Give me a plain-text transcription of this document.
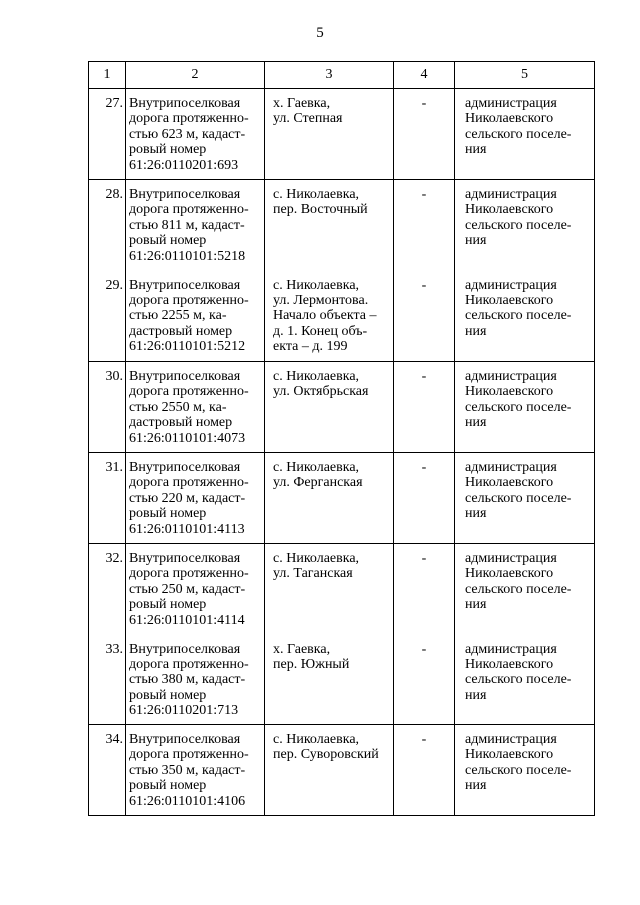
5
1	2	3	4	5
27.	Внутрипоселковая
дорога протяженно-
стью 623 м, кадаст-
ровый номер
61:26:0110201:693	х. Гаевка,
ул. Степная	-	администрация
Николаевского
сельского поселе-
ния
28.	Внутрипоселковая
дорога протяженно-
стью 811 м, кадаст-
ровый номер
61:26:0110101:5218	с. Николаевка,
пер. Восточный	-	администрация
Николаевского
сельского поселе-
ния
29.	Внутрипоселковая
дорога протяженно-
стью 2255 м, ка-
дастровый номер
61:26:0110101:5212	с. Николаевка,
ул. Лермонтова.
Начало объекта –
д. 1. Конец объ-
екта – д. 199	-	администрация
Николаевского
сельского поселе-
ния
30.	Внутрипоселковая
дорога протяженно-
стью 2550 м, ка-
дастровый номер
61:26:0110101:4073	с. Николаевка,
ул. Октябрьская	-	администрация
Николаевского
сельского поселе-
ния
31.	Внутрипоселковая
дорога протяженно-
стью 220 м, кадаст-
ровый номер
61:26:0110101:4113	с. Николаевка,
ул. Ферганская	-	администрация
Николаевского
сельского поселе-
ния
32.	Внутрипоселковая
дорога протяженно-
стью 250 м, кадаст-
ровый номер
61:26:0110101:4114	с. Николаевка,
ул. Таганская	-	администрация
Николаевского
сельского поселе-
ния
33.	Внутрипоселковая
дорога протяженно-
стью 380 м, кадаст-
ровый номер
61:26:0110201:713	х. Гаевка,
пер. Южный	-	администрация
Николаевского
сельского поселе-
ния
34.	Внутрипоселковая
дорога протяженно-
стью 350 м, кадаст-
ровый номер
61:26:0110101:4106	с. Николаевка,
пер. Суворовский	-	администрация
Николаевского
сельского поселе-
ния
